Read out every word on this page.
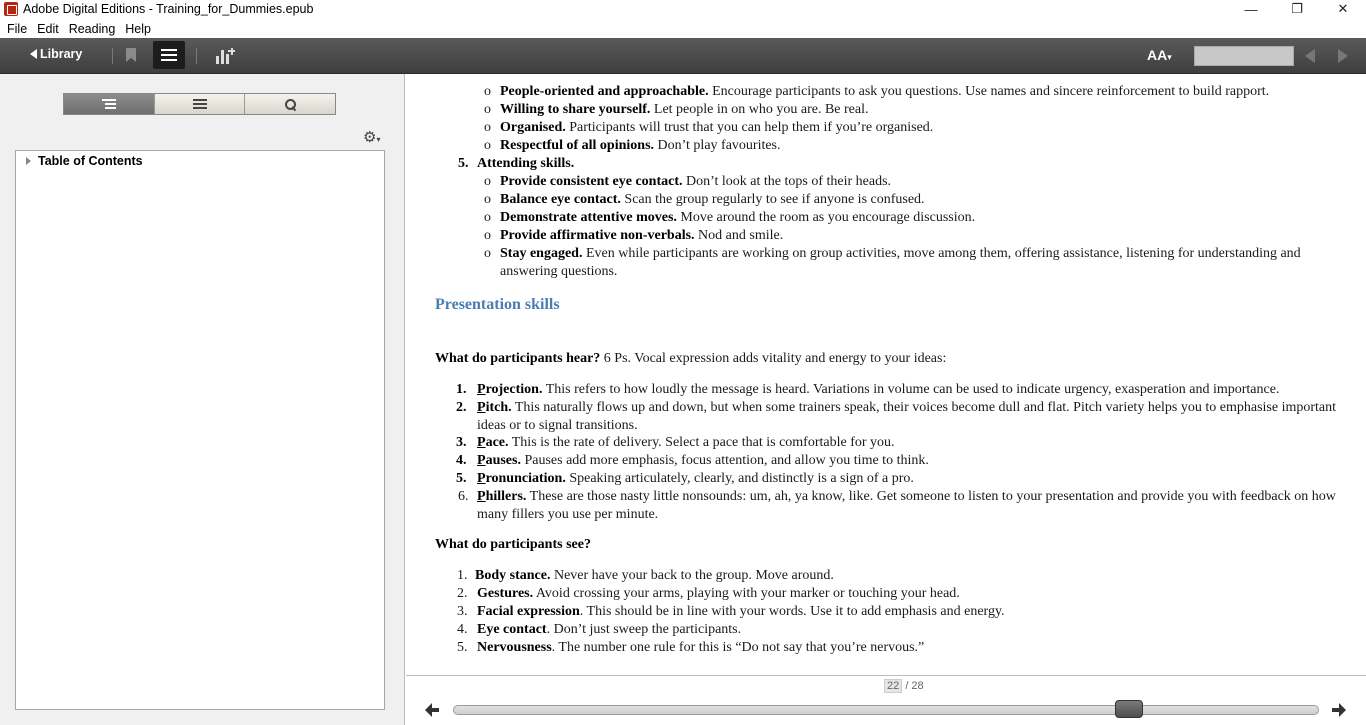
Adobe Digital Editions - Training_for_Dummies.epub	—	❐	✕
File Edit Reading Help
Library	AA▾
⚙▾
Table of Contents
o People-oriented and approachable. Encourage participants to ask you questions. Use names and sincere reinforcement to build rapport.
o Willing to share yourself. Let people in on who you are. Be real.
o Organised. Participants will trust that you can help them if you’re organised.
o Respectful of all opinions. Don’t play favourites.
5. Attending skills.
o Provide consistent eye contact. Don’t look at the tops of their heads.
o Balance eye contact. Scan the group regularly to see if anyone is confused.
o Demonstrate attentive moves. Move around the room as you encourage discussion.
o Provide affirmative non-verbals. Nod and smile.
o Stay engaged. Even while participants are working on group activities, move among them, offering assistance, listening for understanding and answering questions.
Presentation skills
What do participants hear? 6 Ps. Vocal expression adds vitality and energy to your ideas:
1. Projection. This refers to how loudly the message is heard. Variations in volume can be used to indicate urgency, exasperation and importance.
2. Pitch. This naturally flows up and down, but when some trainers speak, their voices become dull and flat. Pitch variety helps you to emphasise important ideas or to signal transitions.
3. Pace. This is the rate of delivery. Select a pace that is comfortable for you.
4. Pauses. Pauses add more emphasis, focus attention, and allow you time to think.
5. Pronunciation. Speaking articulately, clearly, and distinctly is a sign of a pro.
6. Phillers. These are those nasty little nonsounds: um, ah, ya know, like. Get someone to listen to your presentation and provide you with feedback on how many fillers you use per minute.
What do participants see?
1. Body stance. Never have your back to the group. Move around.
2. Gestures. Avoid crossing your arms, playing with your marker or touching your head.
3. Facial expression. This should be in line with your words. Use it to add emphasis and energy.
4. Eye contact. Don’t just sweep the participants.
5. Nervousness. The number one rule for this is “Do not say that you’re nervous.”
22 / 28
